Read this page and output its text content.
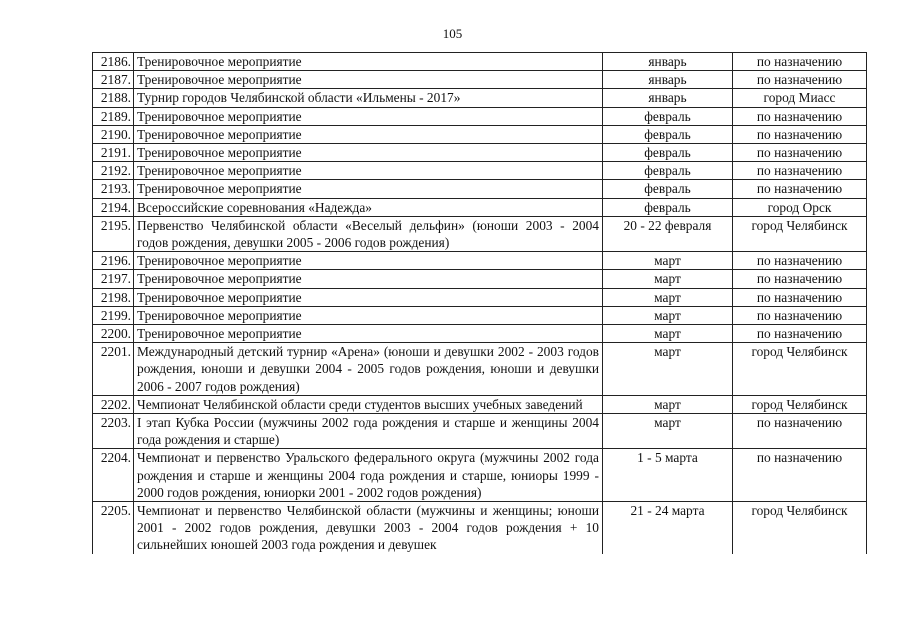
105
2186.	Тренировочное мероприятие	январь	по назначению
2187.	Тренировочное мероприятие	январь	по назначению
2188.	Турнир городов Челябинской области «Ильмены - 2017»	январь	город Миасс
2189.	Тренировочное мероприятие	февраль	по назначению
2190.	Тренировочное мероприятие	февраль	по назначению
2191.	Тренировочное мероприятие	февраль	по назначению
2192.	Тренировочное мероприятие	февраль	по назначению
2193.	Тренировочное мероприятие	февраль	по назначению
2194.	Всероссийские соревнования «Надежда»	февраль	город Орск
2195.	Первенство Челябинской области «Веселый дельфин» (юноши 2003 - 2004 годов рождения, девушки 2005 - 2006 годов рождения)	20 - 22 февраля	город Челябинск
2196.	Тренировочное мероприятие	март	по назначению
2197.	Тренировочное мероприятие	март	по назначению
2198.	Тренировочное мероприятие	март	по назначению
2199.	Тренировочное мероприятие	март	по назначению
2200.	Тренировочное мероприятие	март	по назначению
2201.	Международный детский турнир «Арена» (юноши и девушки 2002 - 2003 годов рождения, юноши и девушки 2004 - 2005 годов рождения, юноши и девушки 2006 - 2007 годов рождения)	март	город Челябинск
2202.	Чемпионат Челябинской области среди студентов высших учебных заведений	март	город Челябинск
2203.	I этап Кубка России (мужчины 2002 года рождения и старше и женщины 2004 года рождения и старше)	март	по назначению
2204.	Чемпионат и первенство Уральского федерального округа (мужчины 2002 года рождения и старше и женщины 2004 года рождения и старше, юниоры 1999 - 2000 годов рождения, юниорки 2001 - 2002 годов рождения)	1 - 5 марта	по назначению
2205.	Чемпионат и первенство Челябинской области (мужчины и женщины; юноши 2001 - 2002 годов рождения, девушки 2003 - 2004 годов рождения + 10 сильнейших юношей 2003 года рождения и девушек	21 - 24 марта	город Челябинск
